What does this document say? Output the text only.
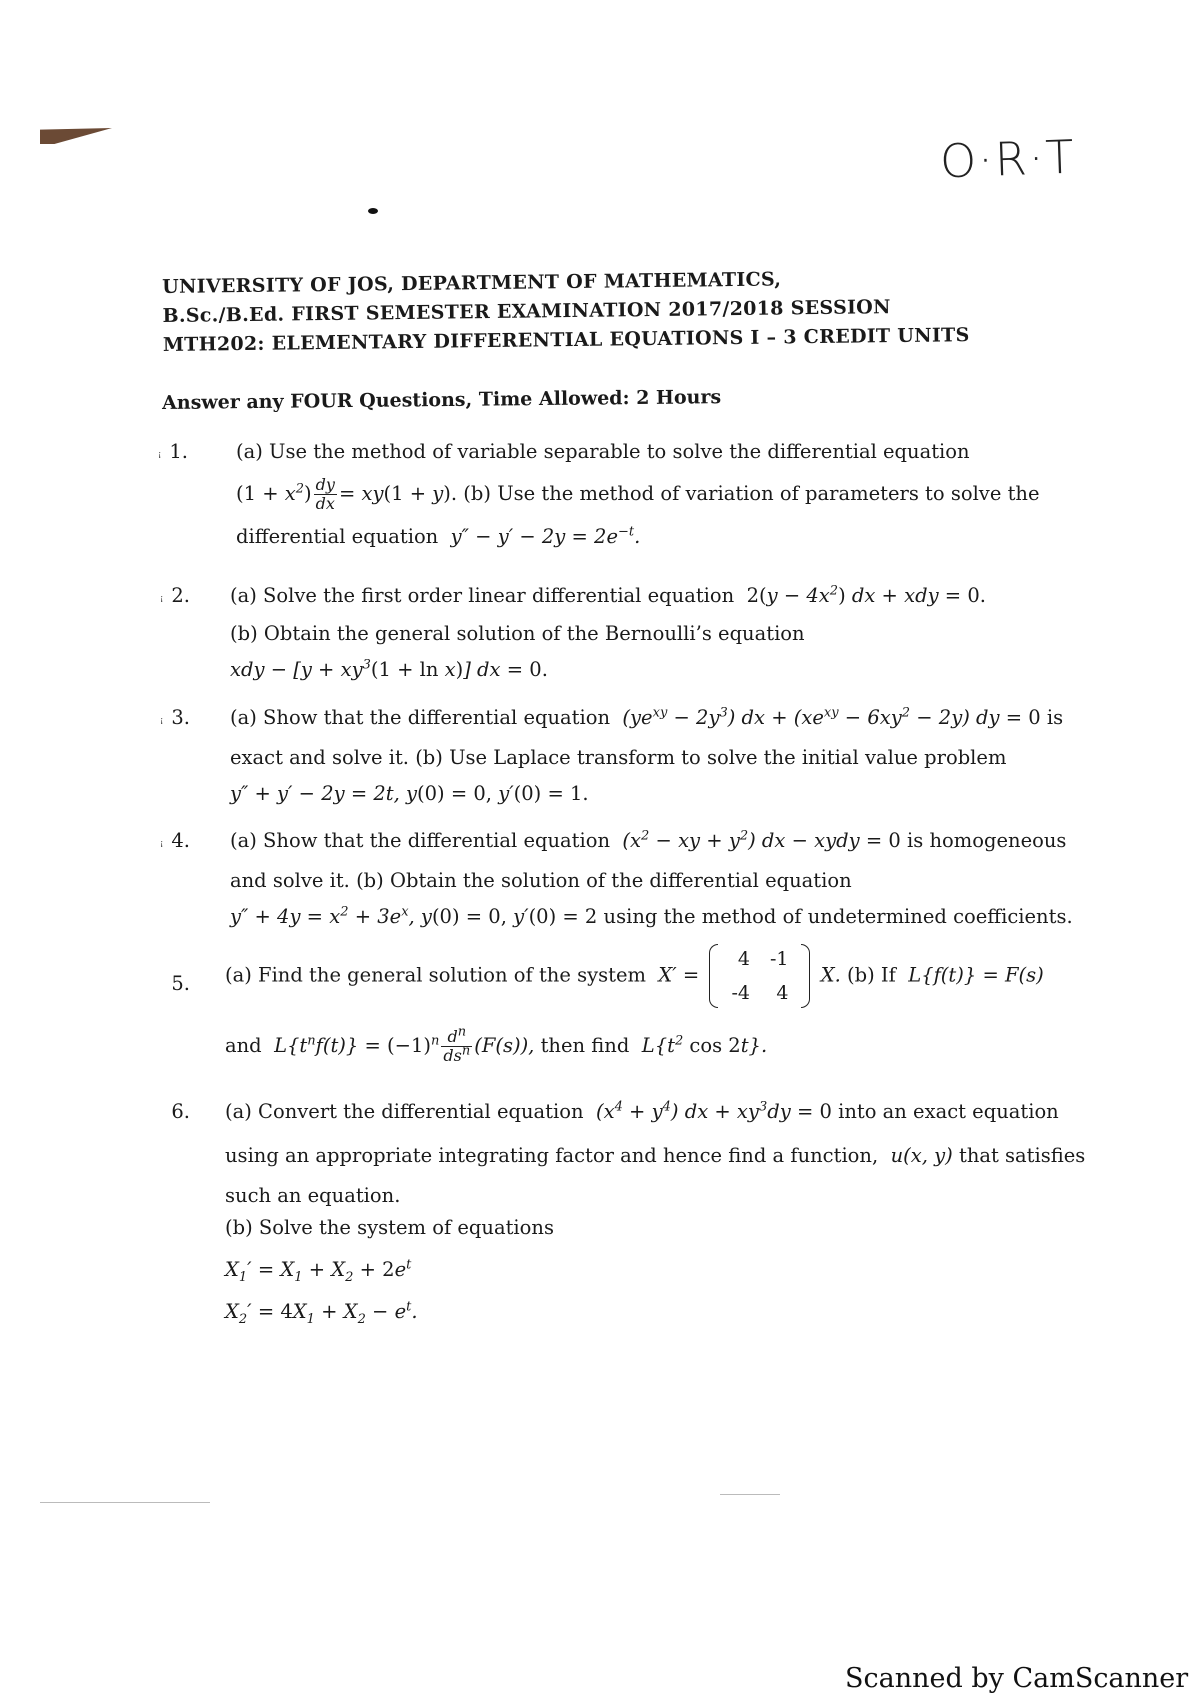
O·R·T
UNIVERSITY OF JOS, DEPARTMENT OF MATHEMATICS,
B.Sc./B.Ed. FIRST SEMESTER EXAMINATION 2017/2018 SESSION
MTH202: ELEMENTARY DIFFERENTIAL EQUATIONS I – 3 CREDIT UNITS
Answer any FOUR Questions, Time Allowed: 2 Hours
ꜟ 1. (a) Use the method of variable separable to solve the differential equation
$(1 + x^2) \frac{dy}{dx} = xy(1 + y)$. (b) Use the method of variation of parameters to solve the
differential equation  $y'' - y' - 2y = 2e^{-t}$.
ꜟ 2. (a) Solve the first order linear differential equation $2(y - 4x^2)$ dx + xdy = 0.
(b) Obtain the general solution of the Bernoulli’s equation
xdy − $[y + xy^3(1 + \ln x)]$ dx = 0.
ꜟ 3. (a) Show that the differential equation  $(ye^{xy} - 2y^3)$ dx + $(xe^{xy} - 6xy^2 - 2y)$ dy = 0 is
exact and solve it. (b) Use Laplace transform to solve the initial value problem
y″ + y′ − 2y = 2t, y(0) = 0, y′(0) = 1.
ꜟ 4. (a) Show that the differential equation  ($x^2$ − xy + $y^2$) dx − xydy = 0 is homogeneous
and solve it. (b) Obtain the solution of the differential equation
$y'' + 4y = x^2 + 3e^x$, y(0) = 0, y′(0) = 2 using the method of undetermined coefficients.
5. (a) Find the general solution of the system  X′ =
4	-1
-4	4
X. (b) If  L{f(t)} = F(s)
and  $L\{t^nf(t)\} = (-1)^n \frac{d^n}{ds^n} (F(s))$, then find  $L\{t^2$ cos 2t}.
6. (a) Convert the differential equation  $(x^4 + y^4)$ dx + $xy^3dy = 0$ into an exact equation
using an appropriate integrating factor and hence find a function,  u(x, y) that satisfies
such an equation.
(b) Solve the system of equations
$X_1' = X_1 + X_2 + 2e^t$
$X_2' = 4X_1 + X_2 - e^t$.
Scanned by CamScanner
